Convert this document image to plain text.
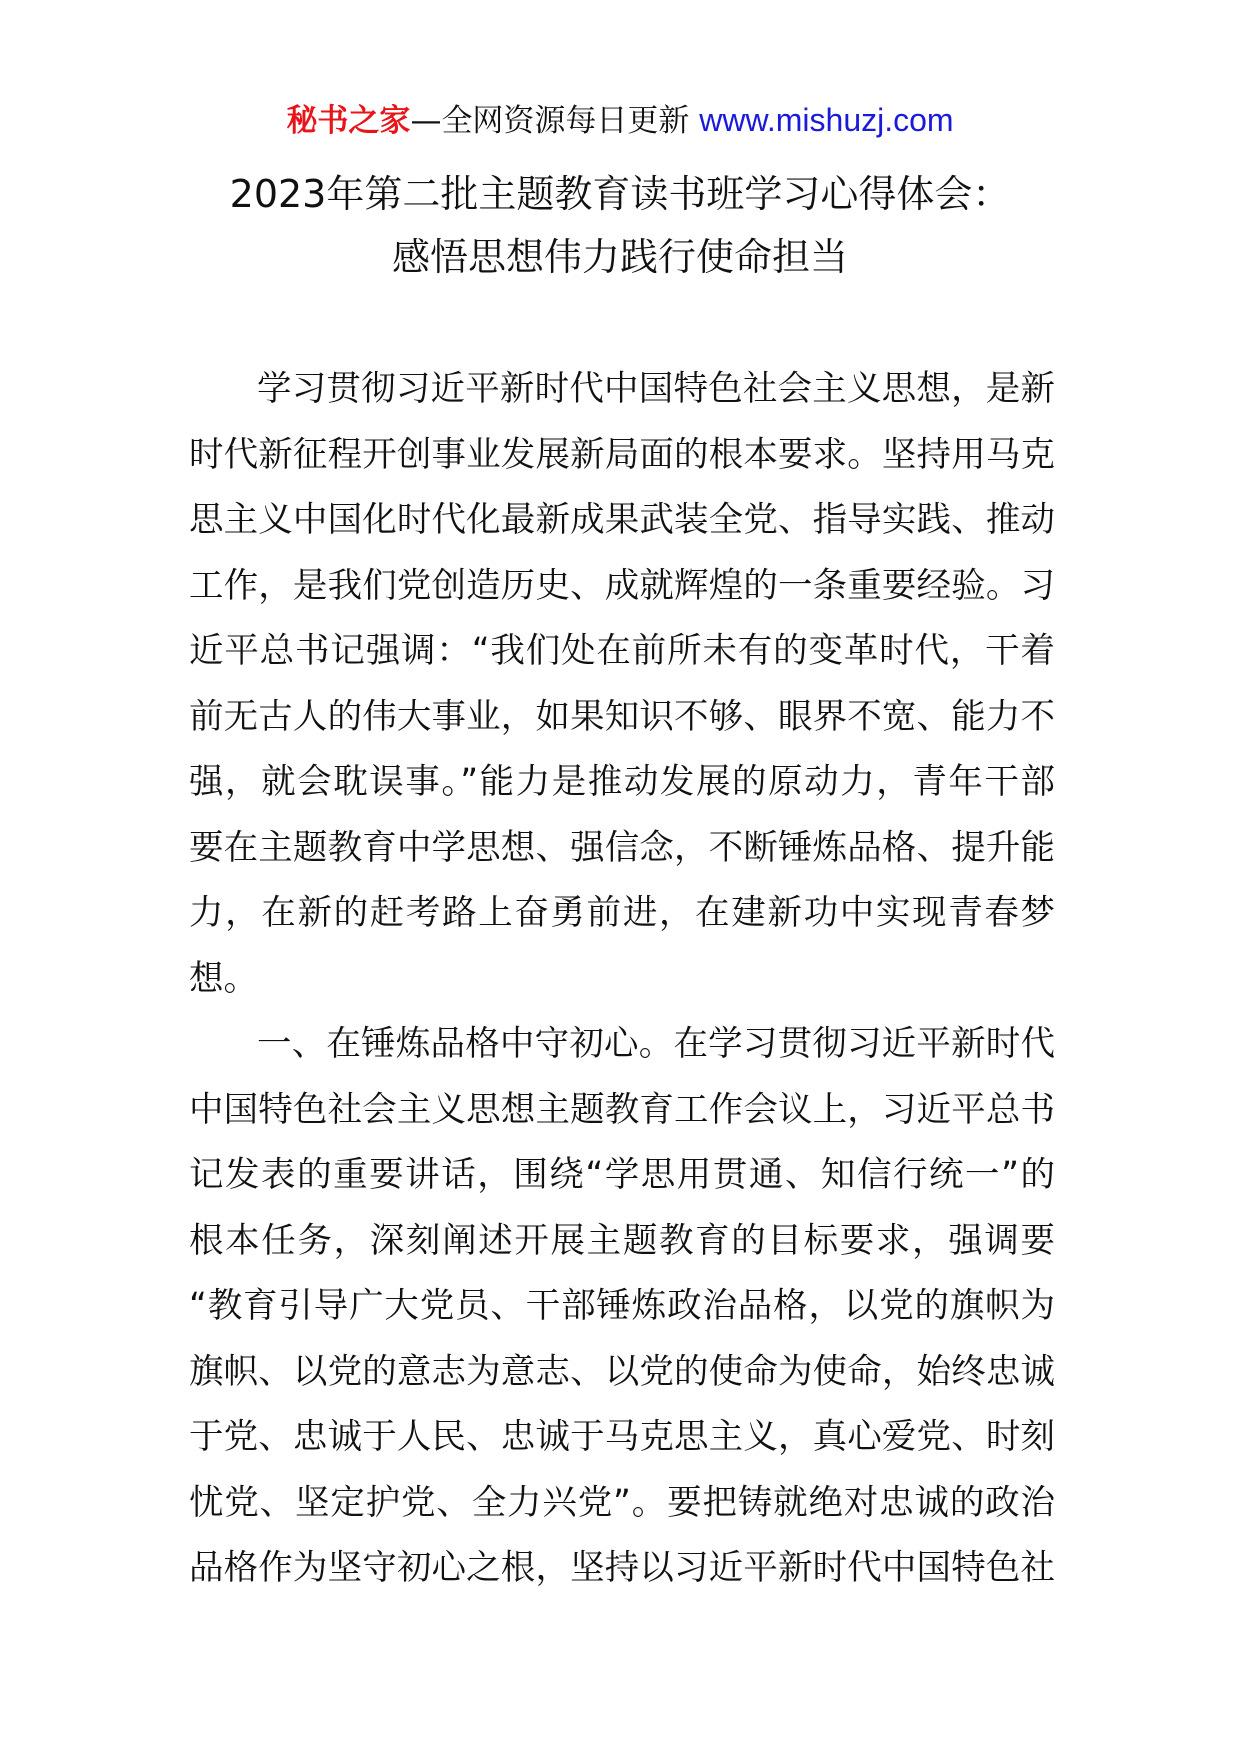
秘书之家—全网资源每日更新 www.mishuzj.com
2023年第二批主题教育读书班学习心得体会：
感悟思想伟力践行使命担当
学习贯彻习近平新时代中国特色社会主义思想，是新
时代新征程开创事业发展新局面的根本要求。坚持用马克
思主义中国化时代化最新成果武装全党、指导实践、推动
工作，是我们党创造历史、成就辉煌的一条重要经验。习
近平总书记强调：“我们处在前所未有的变革时代，干着
前无古人的伟大事业，如果知识不够、眼界不宽、能力不
强，就会耽误事。”能力是推动发展的原动力，青年干部
要在主题教育中学思想、强信念，不断锤炼品格、提升能
力，在新的赶考路上奋勇前进，在建新功中实现青春梦
想。
一、在锤炼品格中守初心。在学习贯彻习近平新时代
中国特色社会主义思想主题教育工作会议上，习近平总书
记发表的重要讲话，围绕“学思用贯通、知信行统一”的
根本任务，深刻阐述开展主题教育的目标要求，强调要
“教育引导广大党员、干部锤炼政治品格，以党的旗帜为
旗帜、以党的意志为意志、以党的使命为使命，始终忠诚
于党、忠诚于人民、忠诚于马克思主义，真心爱党、时刻
忧党、坚定护党、全力兴党”。要把铸就绝对忠诚的政治
品格作为坚守初心之根，坚持以习近平新时代中国特色社
